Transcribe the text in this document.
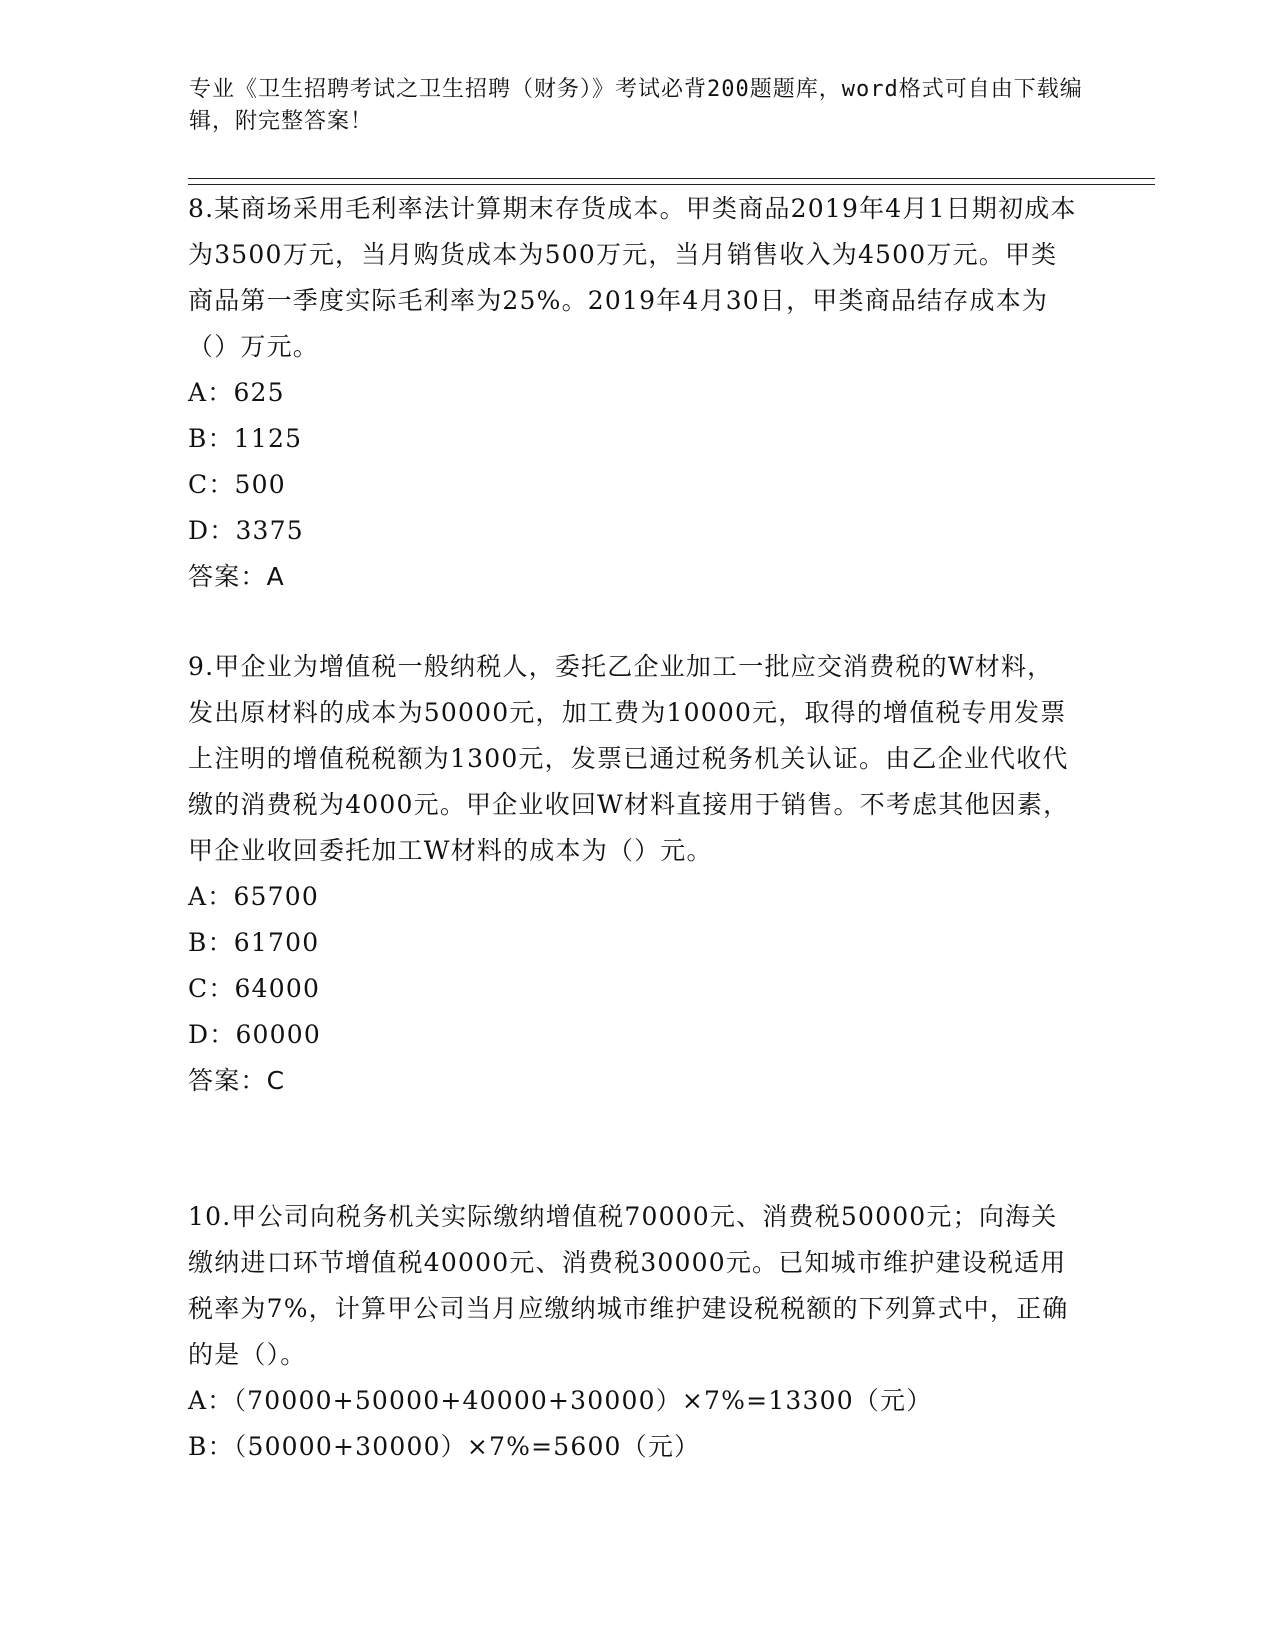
专业《卫生招聘考试之卫生招聘（财务）》考试必背200题题库，word格式可自由下载编辑，附完整答案！

8.某商场采用毛利率法计算期末存货成本。甲类商品2019年4月1日期初成本为3500万元，当月购货成本为500万元，当月销售收入为4500万元。甲类商品第一季度实际毛利率为25%。2019年4月30日，甲类商品结存成本为（）万元。

A：625

B：1125

C：500

D：3375

答案：A

9.甲企业为增值税一般纳税人，委托乙企业加工一批应交消费税的W材料，发出原材料的成本为50000元，加工费为10000元，取得的增值税专用发票上注明的增值税税额为1300元，发票已通过税务机关认证。由乙企业代收代缴的消费税为4000元。甲企业收回W材料直接用于销售。不考虑其他因素，甲企业收回委托加工W材料的成本为（）元。

A：65700

B：61700

C：64000

D：60000

答案：C

10.甲公司向税务机关实际缴纳增值税70000元、消费税50000元；向海关缴纳进口环节增值税40000元、消费税30000元。已知城市维护建设税适用税率为7%，计算甲公司当月应缴纳城市维护建设税税额的下列算式中，正确的是（）。

A：（70000+50000+40000+30000）×7%=13300（元）

B：（50000+30000）×7%=5600（元）
